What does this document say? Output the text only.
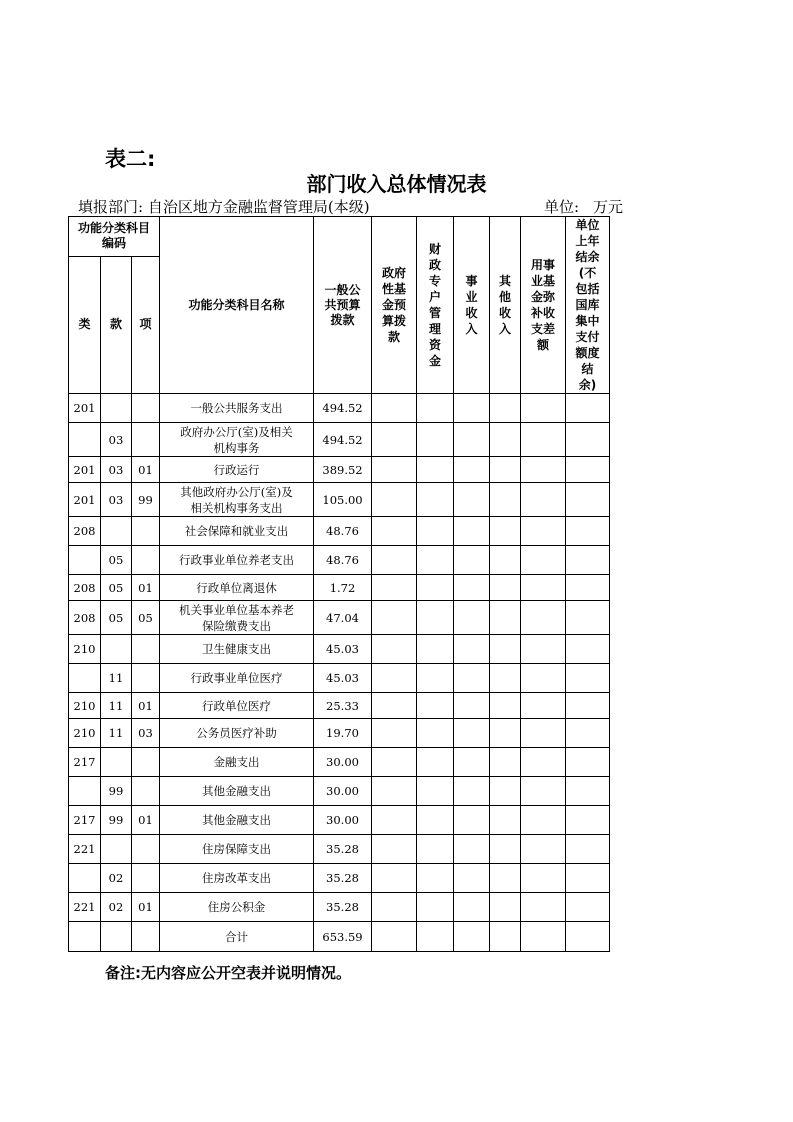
表二:
部门收入总体情况表
填报部门: 自治区地方金融监督管理局(本级)	单位: 万元
功能分类科目编码			功能分类科目名称	一般公共预算拨款	政府性基金预算拨款	财政专户管理资金	事业收入	其他收入	用事业基金弥补收支差额	单位上年结余(不包括国库集中支付额度结余)

类	款	项								
201			一般公共服务支出	494.52						
	03		政府办公厅(室)及相关机构事务	494.52						
201	03	01	行政运行	389.52						
201	03	99	其他政府办公厅(室)及相关机构事务支出	105.00						
208			社会保障和就业支出	48.76						
	05		行政事业单位养老支出	48.76						
208	05	01	行政单位离退休	1.72						
208	05	05	机关事业单位基本养老保险缴费支出	47.04						
210			卫生健康支出	45.03						
	11		行政事业单位医疗	45.03						
210	11	01	行政单位医疗	25.33						
210	11	03	公务员医疗补助	19.70						
217			金融支出	30.00						
	99		其他金融支出	30.00						
217	99	01	其他金融支出	30.00						
221			住房保障支出	35.28						
	02		住房改革支出	35.28						
221	02	01	住房公积金	35.28						
			合计	653.59						
备注:无内容应公开空表并说明情况。
